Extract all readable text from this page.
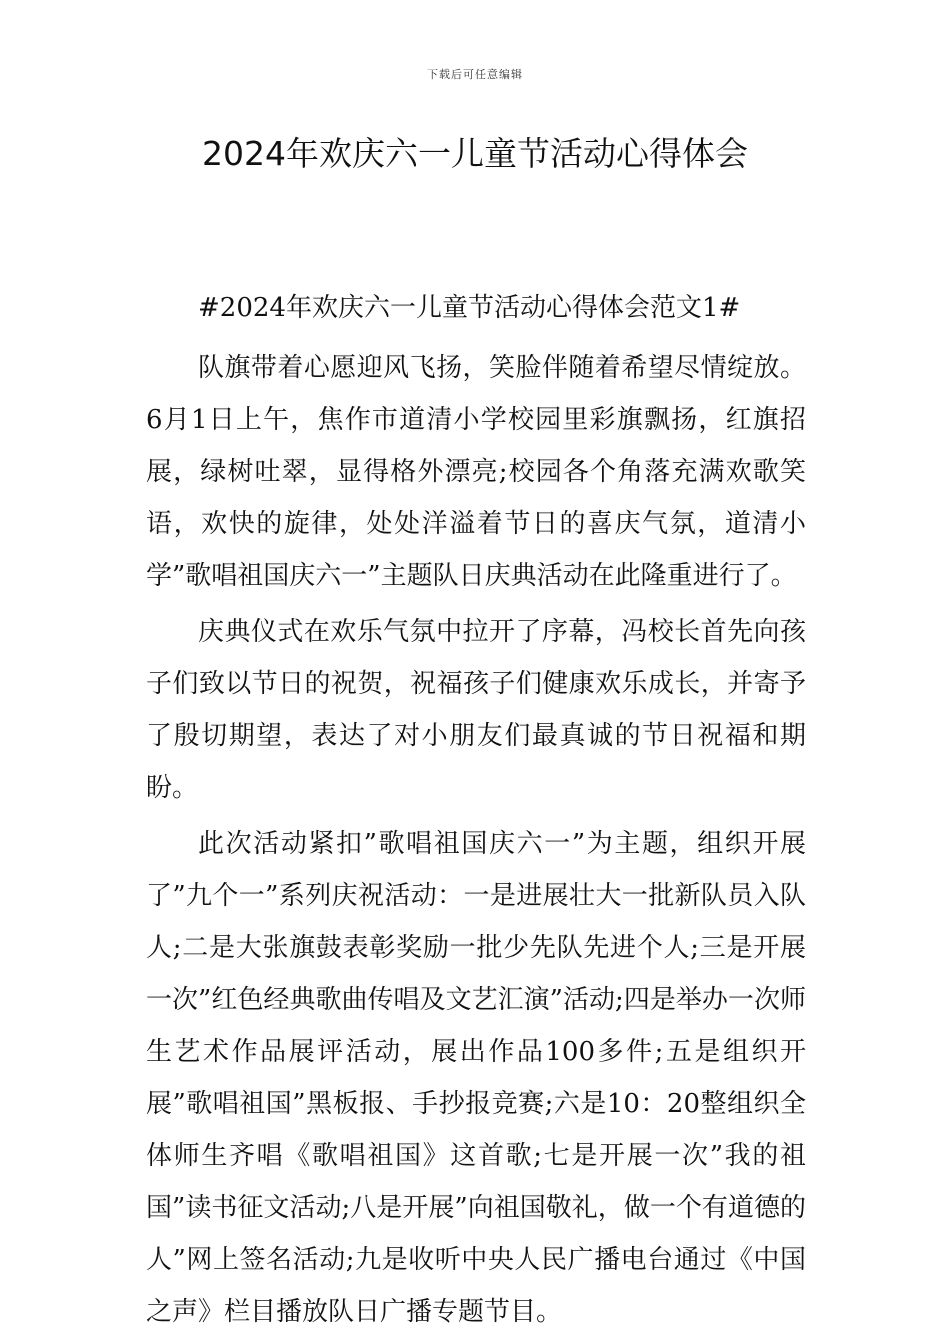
下载后可任意编辑
2024年欢庆六一儿童节活动心得体会

#2024年欢庆六一儿童节活动心得体会范文1#

队旗带着心愿迎风飞扬，笑脸伴随着希望尽情绽放。6月1日上午，焦作市道清小学校园里彩旗飘扬，红旗招展，绿树吐翠，显得格外漂亮;校园各个角落充满欢歌笑语，欢快的旋律，处处洋溢着节日的喜庆气氛，道清小学”歌唱祖国庆六一”主题队日庆典活动在此隆重进行了。

庆典仪式在欢乐气氛中拉开了序幕，冯校长首先向孩子们致以节日的祝贺，祝福孩子们健康欢乐成长，并寄予了殷切期望，表达了对小朋友们最真诚的节日祝福和期盼。

此次活动紧扣”歌唱祖国庆六一”为主题，组织开展了”九个一”系列庆祝活动：一是进展壮大一批新队员入队人;二是大张旗鼓表彰奖励一批少先队先进个人;三是开展一次”红色经典歌曲传唱及文艺汇演”活动;四是举办一次师生艺术作品展评活动，展出作品100多件;五是组织开展”歌唱祖国”黑板报、手抄报竞赛;六是10：20整组织全体师生齐唱《歌唱祖国》这首歌;七是开展一次”我的祖国”读书征文活动;八是开展”向祖国敬礼，做一个有道德的人”网上签名活动;九是收听中央人民广播电台通过《中国之声》栏目播放队日广播专题节目。
